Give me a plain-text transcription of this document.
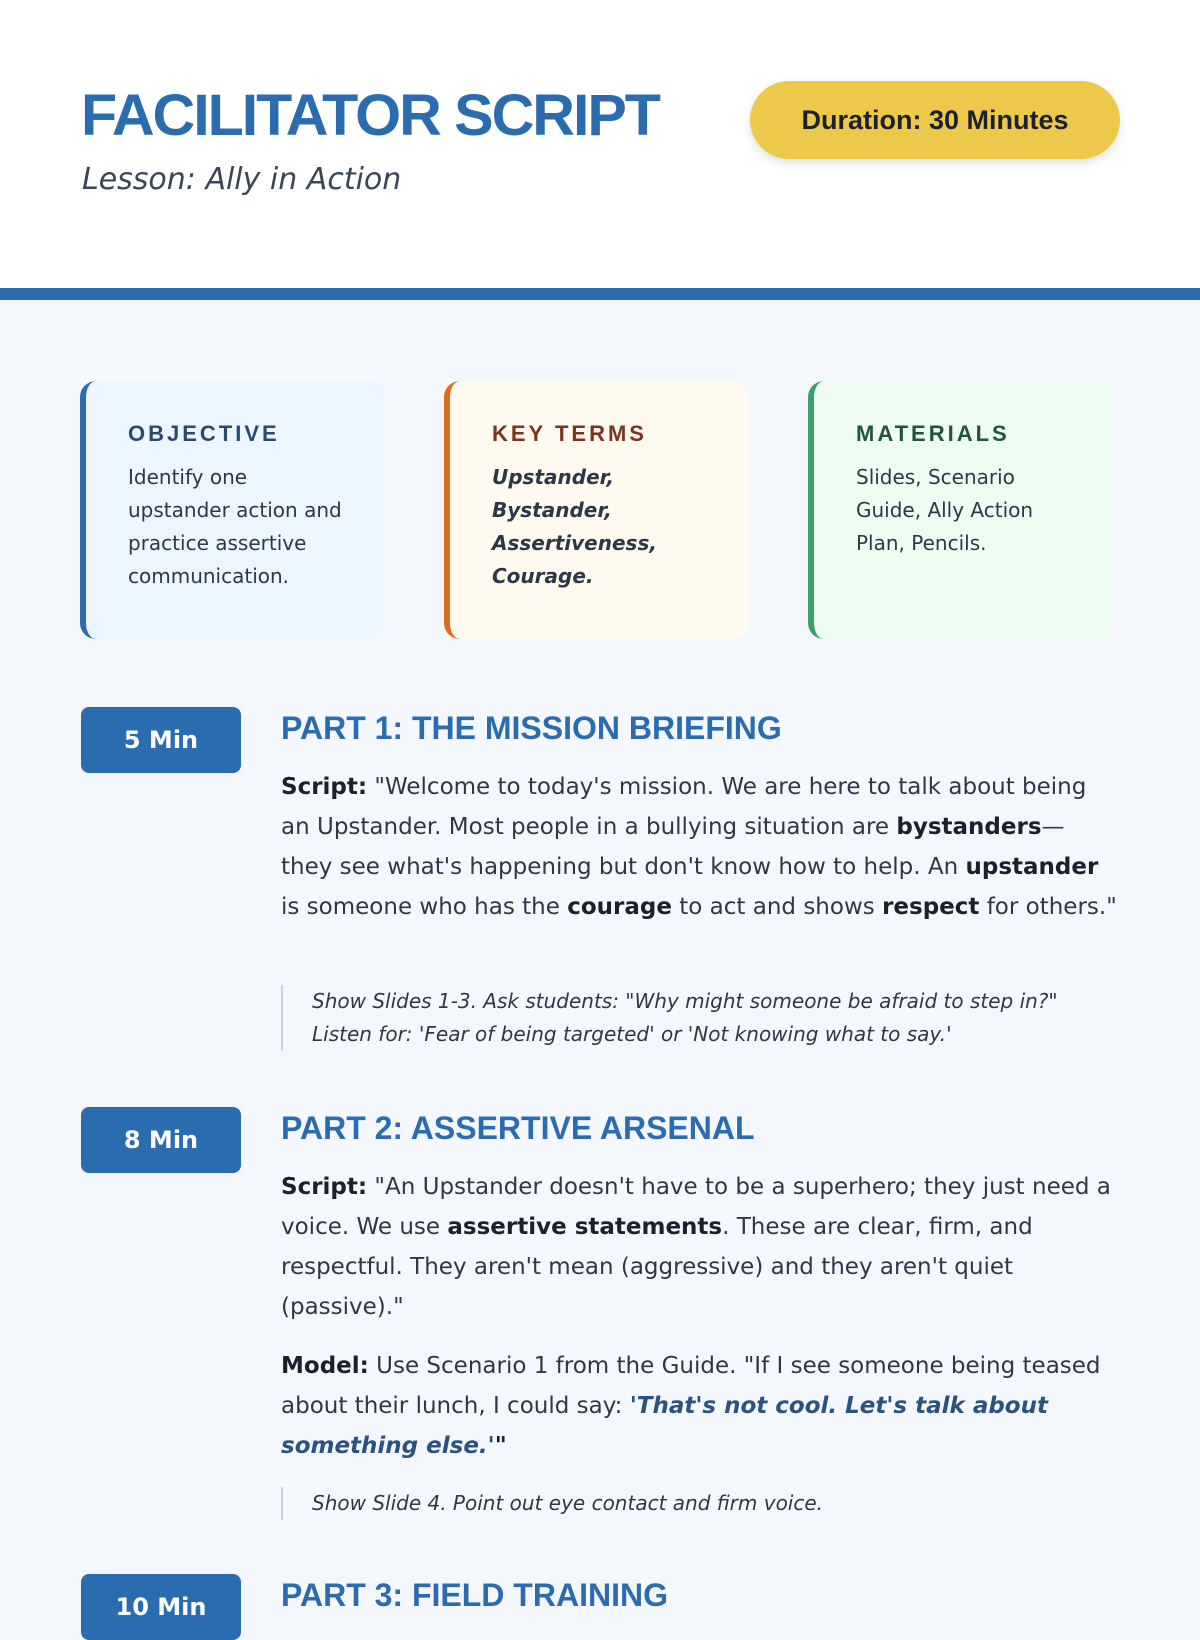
FACILITATOR SCRIPT

Lesson: Ally in Action

Duration: 30 Minutes
OBJECTIVE

Identify one upstander action and practice assertive communication.

KEY TERMS

Upstander, Bystander, Assertiveness, Courage.

MATERIALS

Slides, Scenario Guide, Ally Action Plan, Pencils.

5 Min	PART 1: THE MISSION BRIEFING

Script: "Welcome to today's mission. We are here to talk about being an Upstander. Most people in a bullying situation are bystanders— they see what's happening but don't know how to help. An upstander is someone who has the courage to act and shows respect for others."

Show Slides 1-3. Ask students: "Why might someone be afraid to step in?" Listen for: 'Fear of being targeted' or 'Not knowing what to say.'

8 Min	PART 2: ASSERTIVE ARSENAL

Script: "An Upstander doesn't have to be a superhero; they just need a voice. We use assertive statements. These are clear, firm, and respectful. They aren't mean (aggressive) and they aren't quiet (passive)."

Model: Use Scenario 1 from the Guide. "If I see someone being teased about their lunch, I could say: 'That's not cool. Let's talk about something else.'"

Show Slide 4. Point out eye contact and firm voice.

10 Min	PART 3: FIELD TRAINING
